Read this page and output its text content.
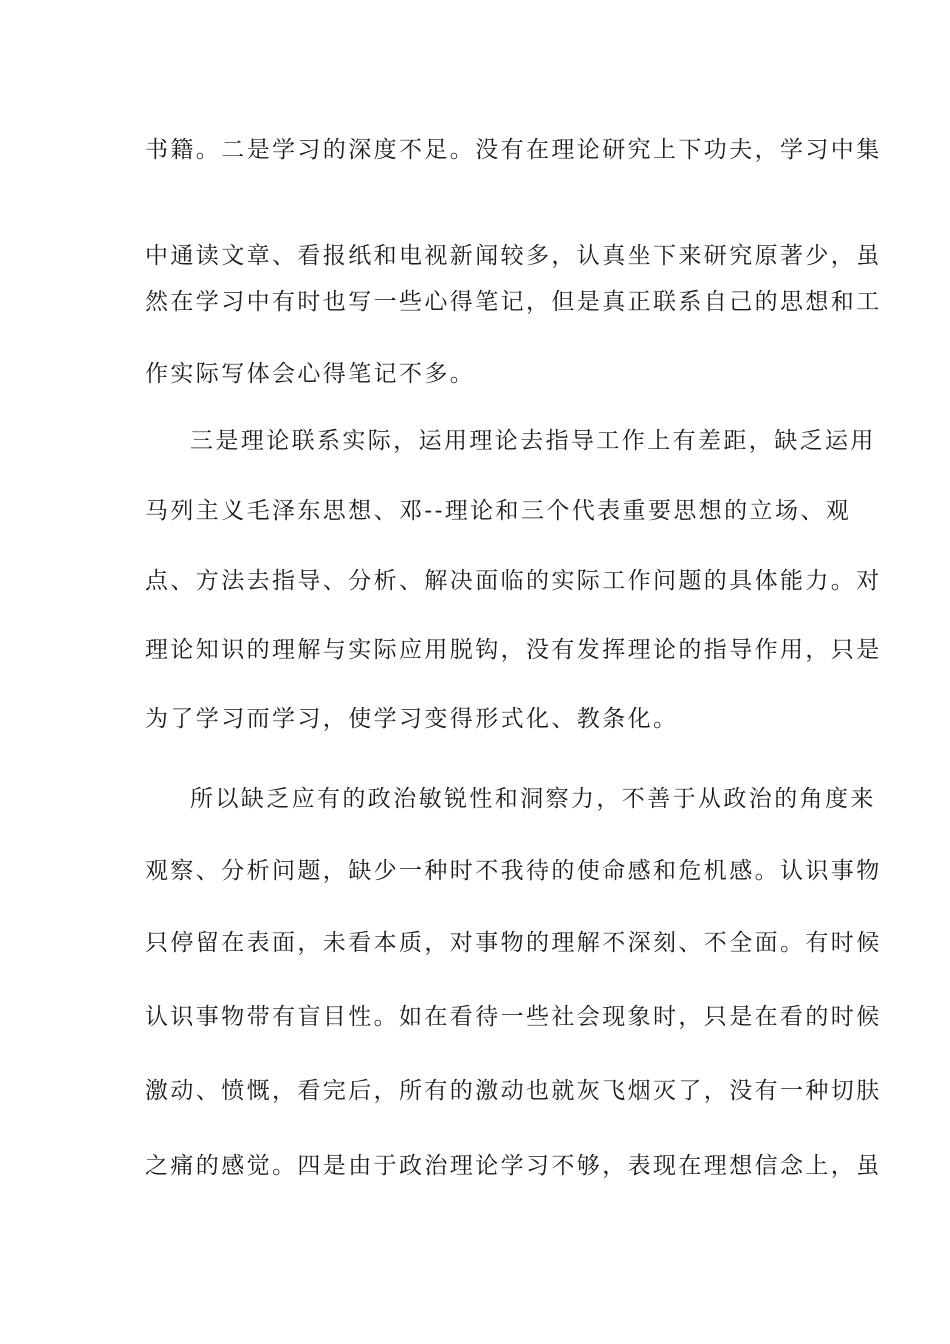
书籍。二是学习的深度不足。没有在理论研究上下功夫，学习中集
中通读文章、看报纸和电视新闻较多，认真坐下来研究原著少，虽
然在学习中有时也写一些心得笔记，但是真正联系自己的思想和工
作实际写体会心得笔记不多。
三是理论联系实际，运用理论去指导工作上有差距，缺乏运用
马列主义毛泽东思想、邓--理论和三个代表重要思想的立场、观
点、方法去指导、分析、解决面临的实际工作问题的具体能力。对
理论知识的理解与实际应用脱钩，没有发挥理论的指导作用，只是
为了学习而学习，使学习变得形式化、教条化。
所以缺乏应有的政治敏锐性和洞察力，不善于从政治的角度来
观察、分析问题，缺少一种时不我待的使命感和危机感。认识事物
只停留在表面，未看本质，对事物的理解不深刻、不全面。有时候
认识事物带有盲目性。如在看待一些社会现象时，只是在看的时候
激动、愤慨，看完后，所有的激动也就灰飞烟灭了，没有一种切肤
之痛的感觉。四是由于政治理论学习不够，表现在理想信念上，虽
